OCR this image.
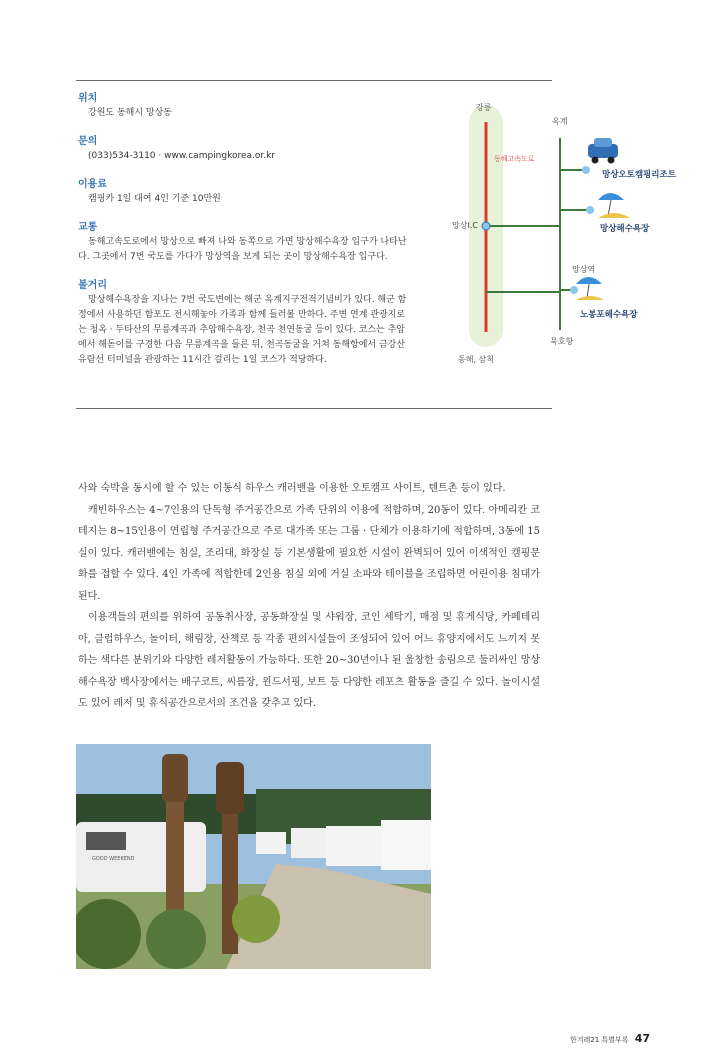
위치
강원도 동해시 망상동
문의
(033)534-3110 · www.campingkorea.or.kr
이용료
캠핑카 1일 대여 4인 기준 10만원
교통
동해고속도로에서 망상으로 빠져 나와 동쪽으로 가면 망상해수욕장 입구가 나타난다. 그곳에서 7번 국도를 가다가 망상역을 보게 되는 곳이 망상해수욕장 입구다.
볼거리
망상해수욕장을 지나는 7번 국도변에는 해군 옥계지구전적기념비가 있다. 해군 함정에서 사용하던 함포도 전시해놓아 가족과 함께 들러볼 만하다. 주변 연계 관광지로는 청옥 · 두타산의 무릉계곡과 추암해수욕장, 천곡 천연동굴 등이 있다. 코스는 추암에서 해돋이를 구경한 다음 무릉계곡을 들른 뒤, 천곡동굴을 거쳐 동해항에서 금강산 유람선 터미널을 관광하는 11시간 걸리는 1일 코스가 적당하다.
강릉
옥계
동해고속도로
망상I.C
망상오토캠핑리조트
망상해수욕장
망상역
노봉포해수욕장
묵호항
동해, 삼척

사와 숙박을 동시에 할 수 있는 이동식 하우스 캐러밴을 이용한 오토캠프 사이트, 텐트촌 등이 있다.

캐빈하우스는 4~7인용의 단독형 주거공간으로 가족 단위의 이용에 적합하며, 20동이 있다. 아메리칸 코테지는 8~15인용이 연립형 주거공간으로 주로 대가족 또는 그룹 · 단체가 이용하기에 적합하며, 3동에 15실이 있다. 캐러밴에는 침실, 조리대, 화장실 등 기본생활에 필요한 시설이 완벽되어 있어 이색적인 캠핑문화를 접할 수 있다. 4인 가족에 적합한데 2인용 침실 외에 거실 소파와 테이블을 조립하면 어린이용 침대가 된다.

이용객들의 편의를 위하여 공동취사장, 공동화장실 및 샤워장, 코인 세탁기, 매점 및 휴게식당, 카페테리아, 클럽하우스, 놀이터, 해림장, 산책로 등 각종 편의시설들이 조성되어 있어 어느 휴양지에서도 느끼지 못하는 색다른 분위기와 다양한 레저활동이 가능하다. 또한 20~30년이나 된 울창한 송림으로 둘러싸인 망상해수욕장 백사장에서는 배구코트, 씨름장, 윈드서핑, 보트 등 다양한 레포츠 활동을 즐길 수 있다. 놀이시설도 있어 레저 및 휴식공간으로서의 조건을 갖추고 있다.

GOOD WEEKEND
한겨레21 특별부록 47
